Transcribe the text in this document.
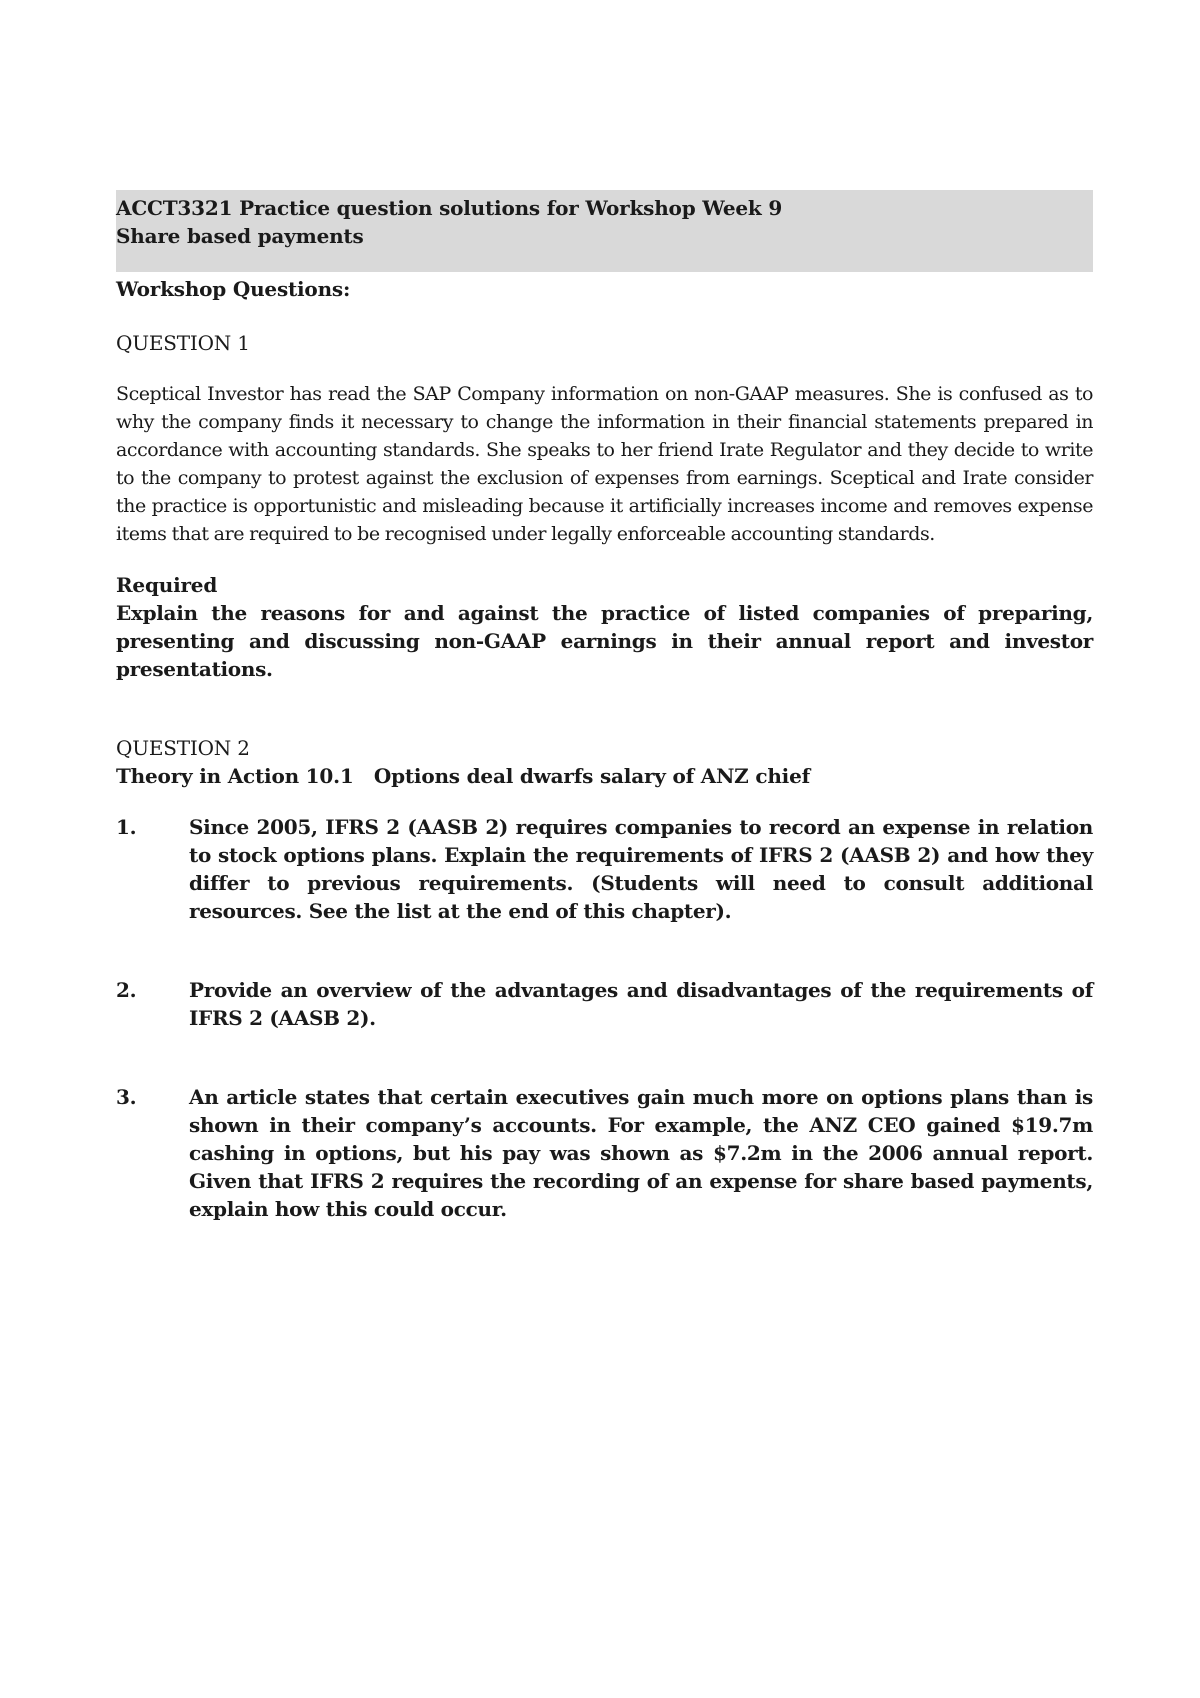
ACCT3321 Practice question solutions for Workshop Week 9
Share based payments
Workshop Questions:
QUESTION 1

Sceptical Investor has read the SAP Company information on non-GAAP measures. She is confused as to why the company finds it necessary to change the information in their financial statements prepared in accordance with accounting standards. She speaks to her friend Irate Regulator and they decide to write to the company to protest against the exclusion of expenses from earnings. Sceptical and Irate consider the practice is opportunistic and misleading because it artificially increases income and removes expense items that are required to be recognised under legally enforceable accounting standards.

Required

Explain the reasons for and against the practice of listed companies of preparing, presenting and discussing non-GAAP earnings in their annual report and investor presentations.

QUESTION 2
Theory in Action 10.1   Options deal dwarfs salary of ANZ chief
1.	Since 2005, IFRS 2 (AASB 2) requires companies to record an expense in relation to stock options plans. Explain the requirements of IFRS 2 (AASB 2) and how they differ to previous requirements. (Students will need to consult additional resources. See the list at the end of this chapter).

2.	Provide an overview of the advantages and disadvantages of the requirements of IFRS 2 (AASB 2).

3.	An article states that certain executives gain much more on options plans than is shown in their company’s accounts. For example, the ANZ CEO gained $19.7m cashing in options, but his pay was shown as $7.2m in the 2006 annual report. Given that IFRS 2 requires the recording of an expense for share based payments, explain how this could occur.
